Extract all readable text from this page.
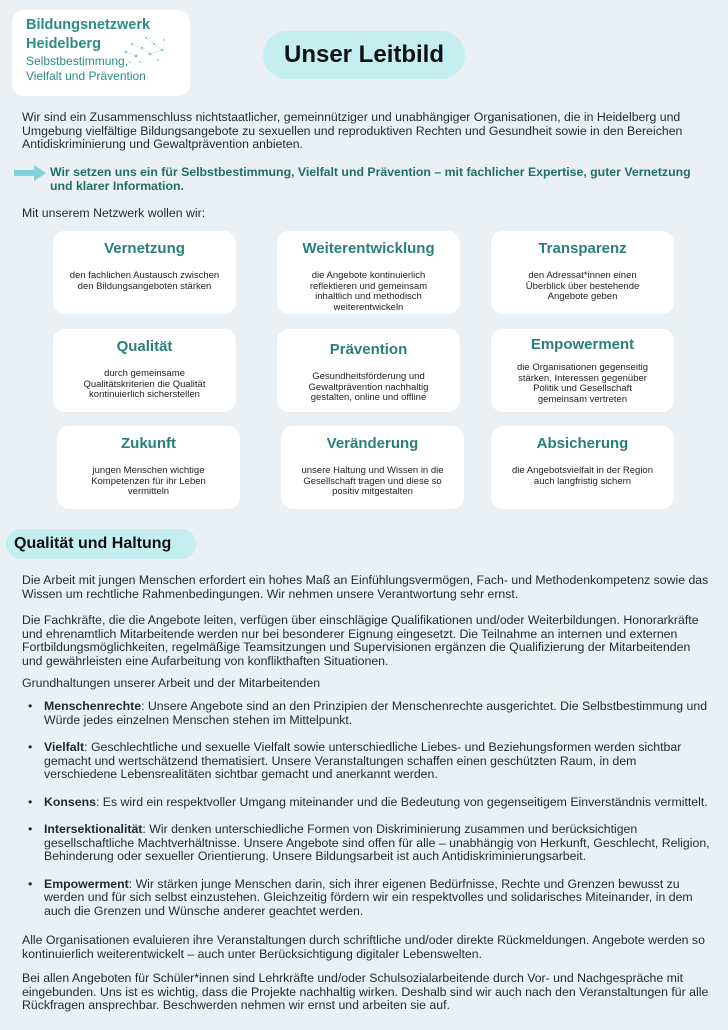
Bildungsnetzwerk
Heidelberg
Selbstbestimmung,
Vielfalt und Prävention
Unser Leitbild

Wir sind ein Zusammenschluss nichtstaatlicher, gemeinnütziger und unabhängiger Organisationen, die in Heidelberg und Umgebung vielfältige Bildungsangebote zu sexuellen und reproduktiven Rechten und Gesundheit sowie in den Bereichen Antidiskriminierung und Gewaltprävention anbieten.

Wir setzen uns ein für Selbstbestimmung, Vielfalt und Prävention – mit fachlicher Expertise, guter Vernetzung und klarer Information.

Mit unserem Netzwerk wollen wir:

Vernetzung
den fachlichen Austausch zwischen den Bildungsangeboten stärken
Weiterentwicklung
die Angebote kontinuierlich reflektieren und gemeinsam inhaltlich und methodisch weiterentwickeln
Transparenz
den Adressat*innen einen Überblick über bestehende Angebote geben
Qualität
durch gemeinsame Qualitätskriterien die Qualität kontinuierlich sicherstellen
Prävention
Gesundheitsförderung und Gewaltprävention nachhaltig gestalten, online und offline
Empowerment
die Organisationen gegenseitig stärken, Interessen gegenüber Politik und Gesellschaft gemeinsam vertreten
Zukunft
jungen Menschen wichtige Kompetenzen für ihr Leben vermitteln
Veränderung
unsere Haltung und Wissen in die Gesellschaft tragen und diese so positiv mitgestalten
Absicherung
die Angebotsvielfalt in der Region auch langfristig sichern
Qualität und Haltung

Die Arbeit mit jungen Menschen erfordert ein hohes Maß an Einfühlungsvermögen, Fach- und Methodenkompetenz sowie das Wissen um rechtliche Rahmenbedingungen. Wir nehmen unsere Verantwortung sehr ernst.

Die Fachkräfte, die die Angebote leiten, verfügen über einschlägige Qualifikationen und/oder Weiterbildungen. Honorarkräfte und ehrenamtlich Mitarbeitende werden nur bei besonderer Eignung eingesetzt. Die Teilnahme an internen und externen Fortbildungsmöglichkeiten, regelmäßige Teamsitzungen und Supervisionen ergänzen die Qualifizierung der Mitarbeitenden und gewährleisten eine Aufarbeitung von konflikthaften Situationen.

Grundhaltungen unserer Arbeit und der Mitarbeitenden

• Menschenrechte: Unsere Angebote sind an den Prinzipien der Menschenrechte ausgerichtet. Die Selbstbestimmung und Würde jedes einzelnen Menschen stehen im Mittelpunkt.
• Vielfalt: Geschlechtliche und sexuelle Vielfalt sowie unterschiedliche Liebes- und Beziehungsformen werden sichtbar gemacht und wertschätzend thematisiert. Unsere Veranstaltungen schaffen einen geschützten Raum, in dem verschiedene Lebensrealitäten sichtbar gemacht und anerkannt werden.
• Konsens: Es wird ein respektvoller Umgang miteinander und die Bedeutung von gegenseitigem Einverständnis vermittelt.
• Intersektionalität: Wir denken unterschiedliche Formen von Diskriminierung zusammen und berücksichtigen gesellschaftliche Machtverhältnisse. Unsere Angebote sind offen für alle – unabhängig von Herkunft, Geschlecht, Religion, Behinderung oder sexueller Orientierung. Unsere Bildungsarbeit ist auch Antidiskriminierungsarbeit.
• Empowerment: Wir stärken junge Menschen darin, sich ihrer eigenen Bedürfnisse, Rechte und Grenzen bewusst zu werden und für sich selbst einzustehen. Gleichzeitig fördern wir ein respektvolles und solidarisches Miteinander, in dem auch die Grenzen und Wünsche anderer geachtet werden.

Alle Organisationen evaluieren ihre Veranstaltungen durch schriftliche und/oder direkte Rückmeldungen. Angebote werden so kontinuierlich weiterentwickelt – auch unter Berücksichtigung digitaler Lebenswelten.

Bei allen Angeboten für Schüler*innen sind Lehrkräfte und/oder Schulsozialarbeitende durch Vor- und Nachgespräche mit eingebunden. Uns ist es wichtig, dass die Projekte nachhaltig wirken. Deshalb sind wir auch nach den Veranstaltungen für alle Rückfragen ansprechbar. Beschwerden nehmen wir ernst und arbeiten sie auf.
